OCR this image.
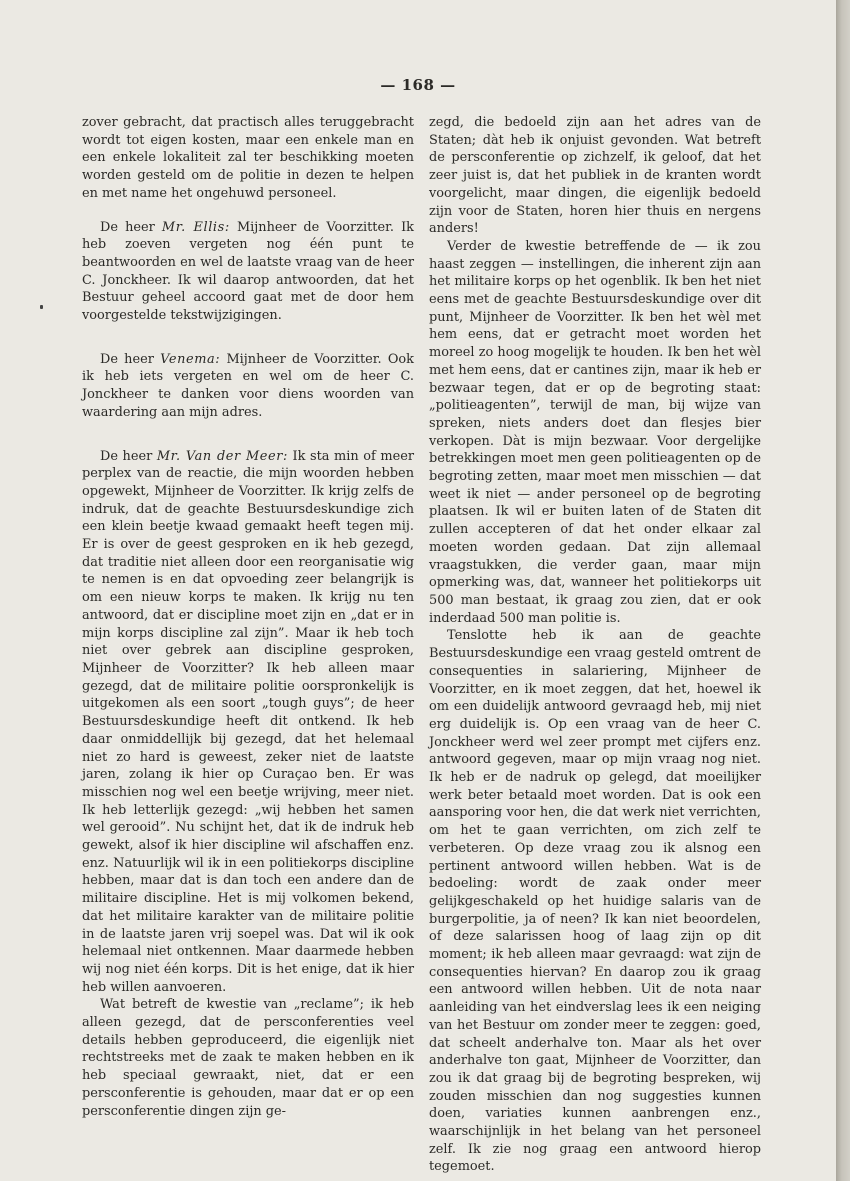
— 168 —

zover gebracht, dat practisch alles teruggebracht wordt tot eigen kosten, maar een enkele man en een enkele lokaliteit zal ter beschikking moeten worden gesteld om de politie in dezen te helpen en met name het ongehuwd personeel.

De heer Mr. Ellis: Mijnheer de Voorzitter. Ik heb zoeven vergeten nog één punt te beantwoorden en wel de laatste vraag van de heer C. Jonckheer. Ik wil daarop antwoorden, dat het Bestuur geheel accoord gaat met de door hem voorgestelde tekstwijzigingen.

De heer Venema: Mijnheer de Voorzitter. Ook ik heb iets vergeten en wel om de heer C. Jonckheer te danken voor diens woorden van waardering aan mijn adres.

De heer Mr. Van der Meer: Ik sta min of meer perplex van de reactie, die mijn woorden hebben opgewekt, Mijnheer de Voorzitter. Ik krijg zelfs de indruk, dat de geachte Bestuursdeskundige zich een klein beetje kwaad gemaakt heeft tegen mij. Er is over de geest gesproken en ik heb gezegd, dat traditie niet alleen door een reorganisatie wig te nemen is en dat opvoeding zeer belangrijk is om een nieuw korps te maken. Ik krijg nu ten antwoord, dat er discipline moet zijn en „dat er in mijn korps discipline zal zijn”. Maar ik heb toch niet over gebrek aan discipline gesproken, Mijnheer de Voorzitter? Ik heb alleen maar gezegd, dat de militaire politie oorspronkelijk is uitgekomen als een soort „tough guys”; de heer Bestuursdeskundige heeft dit ontkend. Ik heb daar onmiddellijk bij gezegd, dat het helemaal niet zo hard is geweest, zeker niet de laatste jaren, zolang ik hier op Curaçao ben. Er was misschien nog wel een beetje wrijving, meer niet. Ik heb letterlijk gezegd: „wij hebben het samen wel gerooid”. Nu schijnt het, dat ik de indruk heb gewekt, alsof ik hier discipline wil afschaffen enz. enz. Natuurlijk wil ik in een politiekorps discipline hebben, maar dat is dan toch een andere dan de militaire discipline. Het is mij volkomen bekend, dat het militaire karakter van de militaire politie in de laatste jaren vrij soepel was. Dat wil ik ook helemaal niet ontkennen. Maar daarmede hebben wij nog niet één korps. Dit is het enige, dat ik hier heb willen aanvoeren.

Wat betreft de kwestie van „reclame”; ik heb alleen gezegd, dat de persconferenties veel details hebben geproduceerd, die eigenlijk niet rechtstreeks met de zaak te maken hebben en ik heb speciaal gewraakt, niet, dat er een persconferentie is gehouden, maar dat er op een persconferentie dingen zijn ge-

zegd, die bedoeld zijn aan het adres van de Staten; dàt heb ik onjuist gevonden. Wat betreft de persconferentie op zichzelf, ik geloof, dat het zeer juist is, dat het publiek in de kranten wordt voorgelicht, maar dingen, die eigenlijk bedoeld zijn voor de Staten, horen hier thuis en nergens anders!

Verder de kwestie betreffende de — ik zou haast zeggen — instellingen, die inherent zijn aan het militaire korps op het ogenblik. Ik ben het niet eens met de geachte Bestuursdeskundige over dit punt, Mijnheer de Voorzitter. Ik ben het wèl met hem eens, dat er getracht moet worden het moreel zo hoog mogelijk te houden. Ik ben het wèl met hem eens, dat er cantines zijn, maar ik heb er bezwaar tegen, dat er op de begroting staat: „politieagenten”, terwijl de man, bij wijze van spreken, niets anders doet dan flesjes bier verkopen. Dàt is mijn bezwaar. Voor dergelijke betrekkingen moet men geen politieagenten op de begroting zetten, maar moet men misschien — dat weet ik niet — ander personeel op de begroting plaatsen. Ik wil er buiten laten of de Staten dit zullen accepteren of dat het onder elkaar zal moeten worden gedaan. Dat zijn allemaal vraagstukken, die verder gaan, maar mijn opmerking was, dat, wanneer het politiekorps uit 500 man bestaat, ik graag zou zien, dat er ook inderdaad 500 man politie is.

Tenslotte heb ik aan de geachte Bestuursdeskundige een vraag gesteld omtrent de consequenties in salariering, Mijnheer de Voorzitter, en ik moet zeggen, dat het, hoewel ik om een duidelijk antwoord gevraagd heb, mij niet erg duidelijk is. Op een vraag van de heer C. Jonckheer werd wel zeer prompt met cijfers enz. antwoord gegeven, maar op mijn vraag nog niet. Ik heb er de nadruk op gelegd, dat moeilijker werk beter betaald moet worden. Dat is ook een aansporing voor hen, die dat werk niet verrichten, om het te gaan verrichten, om zich zelf te verbeteren. Op deze vraag zou ik alsnog een pertinent antwoord willen hebben. Wat is de bedoeling: wordt de zaak onder meer gelijkgeschakeld op het huidige salaris van de burgerpolitie, ja of neen? Ik kan niet beoordelen, of deze salarissen hoog of laag zijn op dit moment; ik heb alleen maar gevraagd: wat zijn de consequenties hiervan? En daarop zou ik graag een antwoord willen hebben. Uit de nota naar aanleiding van het eindverslag lees ik een neiging van het Bestuur om zonder meer te zeggen: goed, dat scheelt anderhalve ton. Maar als het over anderhalve ton gaat, Mijnheer de Voorzitter, dan zou ik dat graag bij de begroting bespreken, wij zouden misschien dan nog suggesties kunnen doen, variaties kunnen aanbrengen enz., waarschijnlijk in het belang van het personeel zelf. Ik zie nog graag een antwoord hierop tegemoet.
